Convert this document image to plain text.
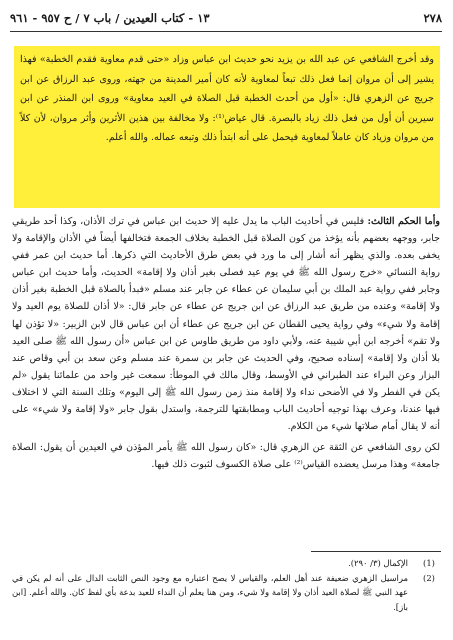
٢٧٨
١٣ - كتاب العيدين / باب ٧ / ح ٩٥٧ - ٩٦١

وقد أخرج الشافعي عن عبد الله بن يزيد نحو حديث ابن عباس وزاد «حتى قدم معاوية فقدم الخطبة» فهذا يشير إلى أن مروان إنما فعل ذلك تبعاً لمعاوية لأنه كان أمير المدينة من جهته، وروى عبد الرزاق عن ابن جريج عن الزهري قال: «أول من أحدث الخطبة قبل الصلاة في العيد معاوية» وروى ابن المنذر عن ابن سيرين أن أول من فعل ذلك زياد بالبصرة. قال عياض⁽¹⁾: ولا مخالفة بين هذين الأثرين وأثر مروان، لأن كلاً من مروان وزياد كان عاملاً لمعاوية فيحمل على أنه ابتدأ ذلك وتبعه عماله. والله أعلم.

وأما الحكم الثالث: فليس في أحاديث الباب ما يدل عليه إلا حديث ابن عباس في ترك الأذان، وكذا أحد طريقي جابر، ووجهه بعضهم بأنه يؤخذ من كون الصلاة قبل الخطبة بخلاف الجمعة فتخالفها أيضاً في الأذان والإقامة ولا يخفى بعده. والذي يظهر أنه أشار إلى ما ورد في بعض طرق الأحاديث التي ذكرها. أما حديث ابن عمر ففي رواية النسائي «خرج رسول الله ﷺ في يوم عيد فصلى بغير أذان ولا إقامة» الحديث، وأما حديث ابن عباس وجابر ففي رواية عبد الملك بن أبي سليمان عن عطاء عن جابر عند مسلم «فبدأ بالصلاة قبل الخطبة بغير أذان ولا إقامة» وعنده من طريق عبد الرزاق عن ابن جريج عن عطاء عن جابر قال: «لا أذان للصلاة يوم العيد ولا إقامة ولا شيء» وفي رواية يحيى القطان عن ابن جريج عن عطاء أن ابن عباس قال لابن الزبير: «لا تؤذن لها ولا تقم» أخرجه ابن أبي شيبة عنه، ولأبي داود من طريق طاوس عن ابن عباس «أن رسول الله ﷺ صلى العيد بلا أذان ولا إقامة» إسناده صحيح، وفي الحديث عن جابر بن سمرة عند مسلم وعن سعد بن أبي وقاص عند البزار وعن البراء عند الطبراني في الأوسط، وقال مالك في الموطأ: سمعت غير واحد من علمائنا يقول «لم يكن في الفطر ولا في الأضحى نداء ولا إقامة منذ زمن رسول الله ﷺ إلى اليوم» وتلك السنة التي لا اختلاف فيها عندنا، وعرف بهذا توجيه أحاديث الباب ومطابقتها للترجمة، واستدل بقول جابر «ولا إقامة ولا شيء» على أنه لا يقال أمام صلاتها شيء من الكلام.

لكن روى الشافعي عن الثقة عن الزهري قال: «كان رسول الله ﷺ يأمر المؤذن في العيدين أن يقول: الصلاة جامعة» وهذا مرسل يعضده القياس⁽²⁾ على صلاة الكسوف لثبوت ذلك فيها.

(1)
الإكمال (٣/ ٢٩٠).
(2)
مراسيل الزهري ضعيفة عند أهل العلم، والقياس لا يصح اعتباره مع وجود النص الثابت الدال على أنه لم يكن في عهد النبي ﷺ لصلاة العيد أذان ولا إقامة ولا شيء، ومن هنا يعلم أن النداء للعيد بدعة بأي لفظ كان. والله أعلم. [ابن باز].
